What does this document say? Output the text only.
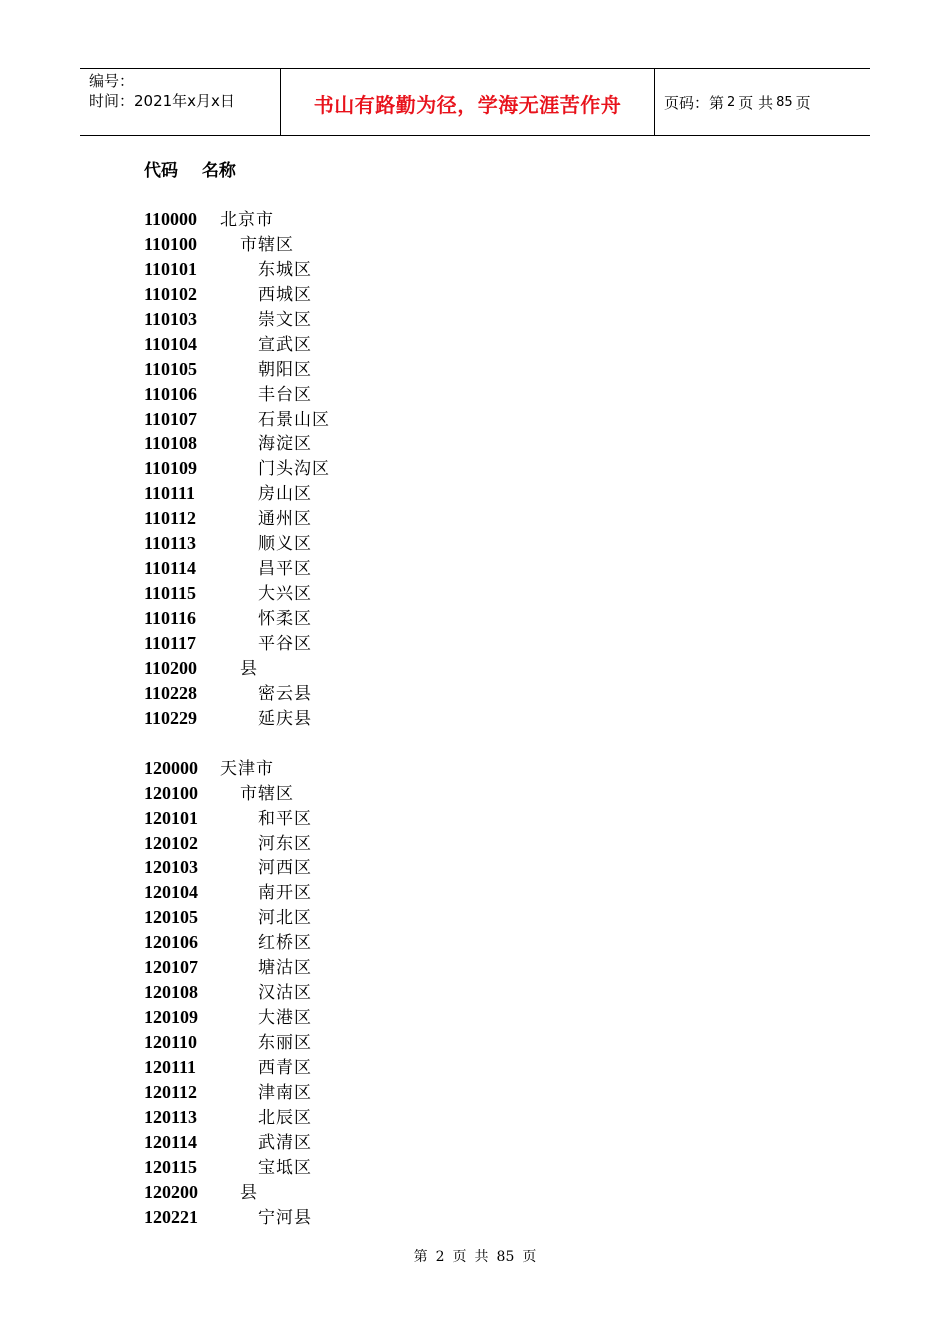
编号：
时间：2021年x月x日	书山有路勤为径，学海无涯苦作舟	页码：第 2 页 共 85 页
代码 名称
110000 北京市
110100	市辖区
110101	东城区
110102	西城区
110103	崇文区
110104	宣武区
110105	朝阳区
110106	丰台区
110107	石景山区
110108	海淀区
110109	门头沟区
110111	房山区
110112	通州区
110113	顺义区
110114	昌平区
110115	大兴区
110116	怀柔区
110117	平谷区
110200	县
110228	密云县
110229	延庆县
120000 天津市
120100 市辖区
120101	和平区
120102	河东区
120103	河西区
120104	南开区
120105	河北区
120106	红桥区
120107	塘沽区
120108	汉沽区
120109	大港区
120110	东丽区
120111	西青区
120112	津南区
120113	北辰区
120114	武清区
120115	宝坻区
120200 县
120221	宁河县
第 2 页 共 85 页
